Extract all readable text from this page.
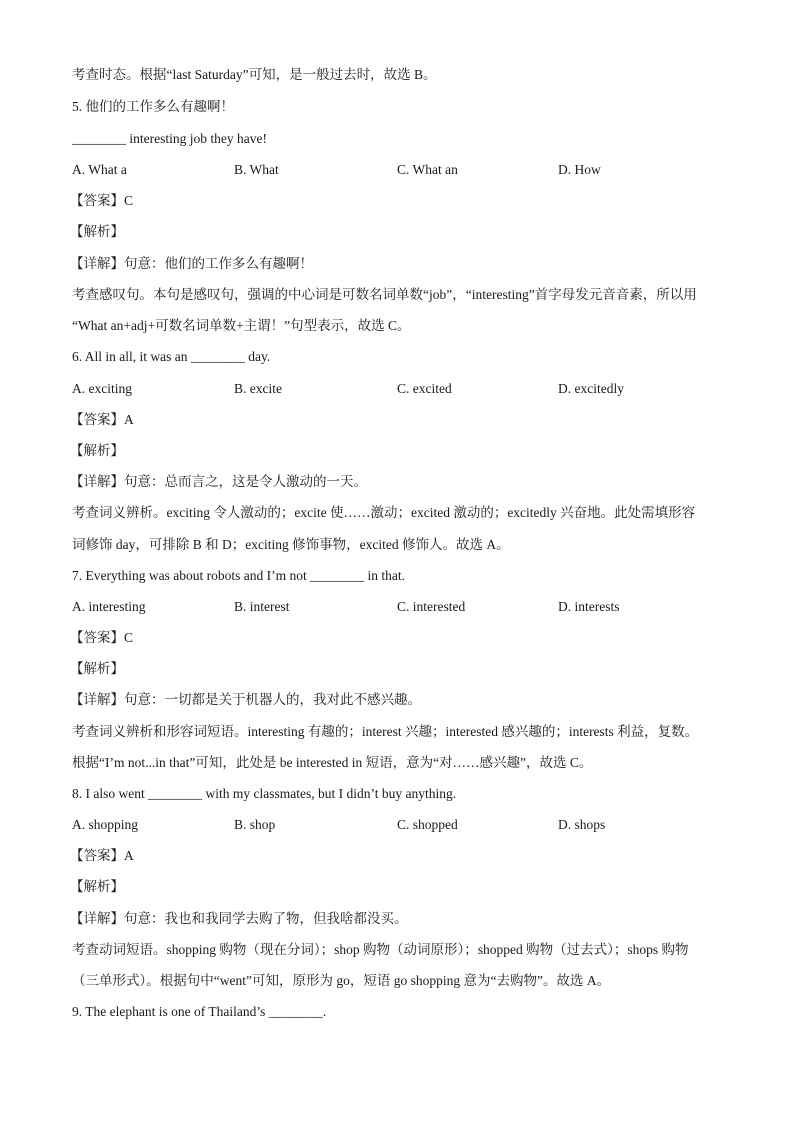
考查时态。根据“last Saturday”可知，是一般过去时，故选 B。
5. 他们的工作多么有趣啊！
________ interesting job they have!
A. What a	B. What	C. What an	D. How
【答案】C
【解析】
【详解】句意：他们的工作多么有趣啊！
考查感叹句。本句是感叹句，强调的中心词是可数名词单数“job”，“interesting”首字母发元音音素，所以用
“What an+adj+可数名词单数+主谓！”句型表示，故选 C。
6. All in all, it was an ________ day.
A. exciting	B. excite	C. excited	D. excitedly
【答案】A
【解析】
【详解】句意：总而言之，这是令人激动的一天。
考查词义辨析。exciting 令人激动的；excite 使……激动；excited 激动的；excitedly 兴奋地。此处需填形容
词修饰 day，可排除 B 和 D；exciting 修饰事物，excited 修饰人。故选 A。
7. Everything was about robots and I’m not ________ in that.
A. interesting	B. interest	C. interested	D. interests
【答案】C
【解析】
【详解】句意：一切都是关于机器人的，我对此不感兴趣。
考查词义辨析和形容词短语。interesting 有趣的；interest 兴趣；interested 感兴趣的；interests 利益，复数。
根据“I’m not...in that”可知，此处是 be interested in 短语，意为“对……感兴趣”，故选 C。
8. I also went ________ with my classmates, but I didn’t buy anything.
A. shopping	B. shop	C. shopped	D. shops
【答案】A
【解析】
【详解】句意：我也和我同学去购了物，但我啥都没买。
考查动词短语。shopping 购物（现在分词）；shop 购物（动词原形）；shopped 购物（过去式）；shops 购物
（三单形式）。根据句中“went”可知，原形为 go，短语 go shopping 意为“去购物”。故选 A。
9. The elephant is one of Thailand’s ________.
